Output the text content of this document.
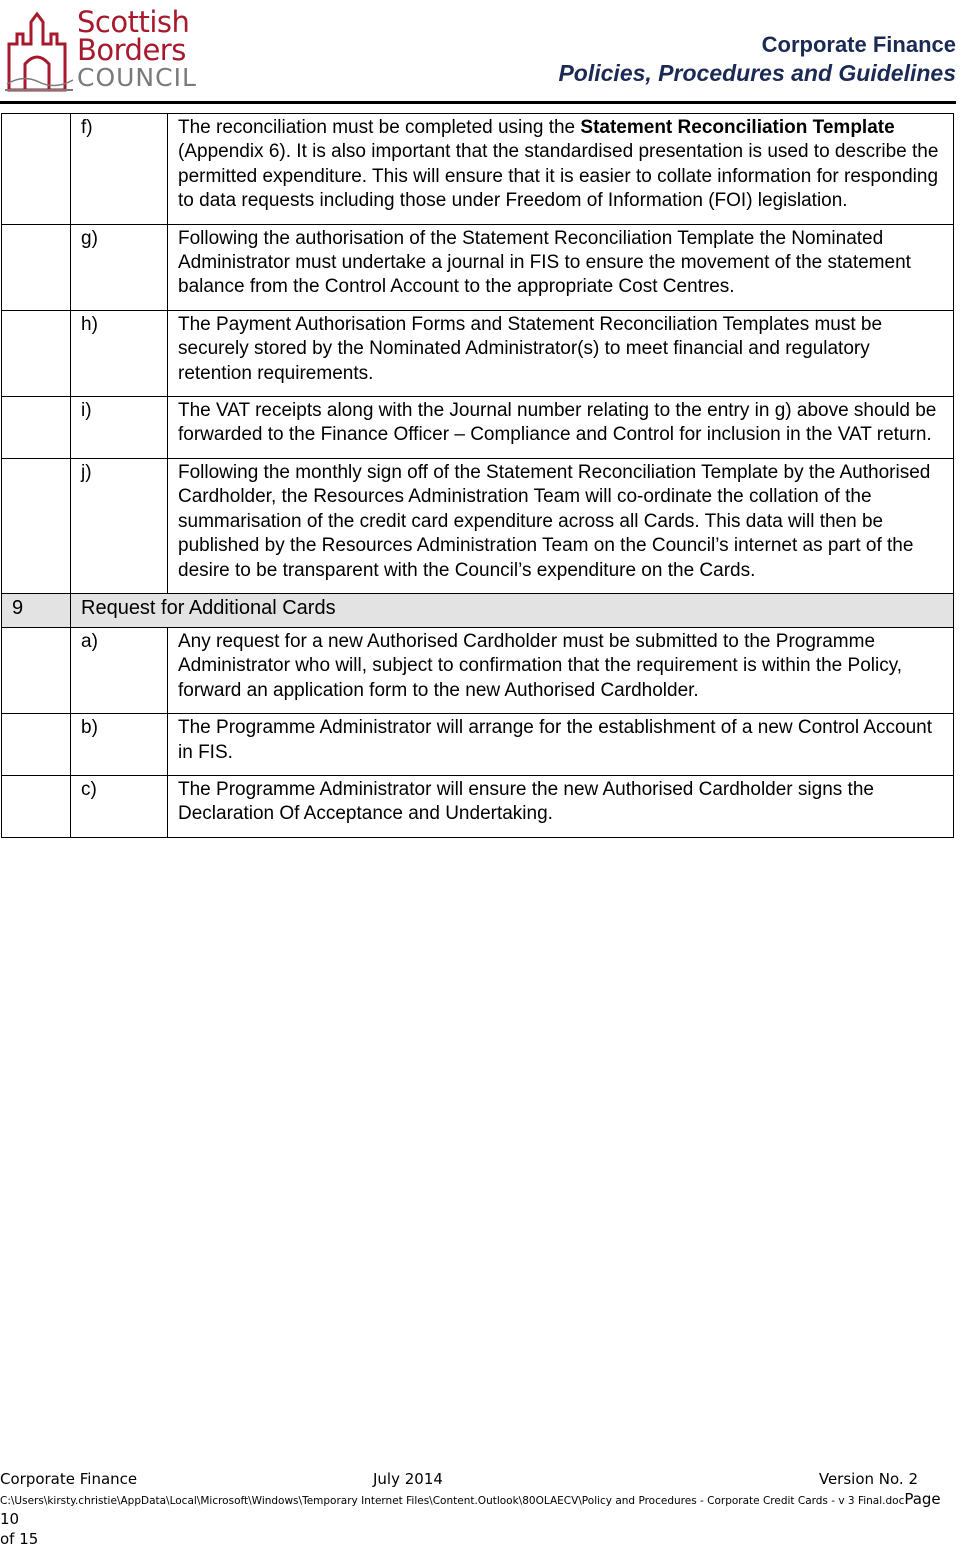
Scottish
Borders
COUNCIL
Corporate Finance
Policies, Procedures and Guidelines
	f)	The reconciliation must be completed using the Statement Reconciliation Template (Appendix 6). It is also important that the standardised presentation is used to describe the permitted expenditure. This will ensure that it is easier to collate information for responding to data requests including those under Freedom of Information (FOI) legislation.
	g)	Following the authorisation of the Statement Reconciliation Template the Nominated Administrator must undertake a journal in FIS to ensure the movement of the statement balance from the Control Account to the appropriate Cost Centres.
	h)	The Payment Authorisation Forms and Statement Reconciliation Templates must be securely stored by the Nominated Administrator(s) to meet financial and regulatory retention requirements.
	i)	The VAT receipts along with the Journal number relating to the entry in g) above should be forwarded to the Finance Officer – Compliance and Control for inclusion in the VAT return.
	j)	Following the monthly sign off of the Statement Reconciliation Template by the Authorised Cardholder, the Resources Administration Team will co-ordinate the collation of the summarisation of the credit card expenditure across all Cards. This data will then be published by the Resources Administration Team on the Council’s internet as part of the desire to be transparent with the Council’s expenditure on the Cards.
9	Request for Additional Cards	
	a)	Any request for a new Authorised Cardholder must be submitted to the Programme Administrator who will, subject to confirmation that the requirement is within the Policy, forward an application form to the new Authorised Cardholder.
	b)	The Programme Administrator will arrange for the establishment of a new Control Account in FIS.
	c)	The Programme Administrator will ensure the new Authorised Cardholder signs the Declaration Of Acceptance and Undertaking.
Corporate Finance	July 2014	Version No. 2
C:\Users\kirsty.christie\AppData\Local\Microsoft\Windows\Temporary Internet Files\Content.Outlook\80OLAECV\Policy and Procedures - Corporate Credit Cards - v 3 Final.docPage 10
of 15
